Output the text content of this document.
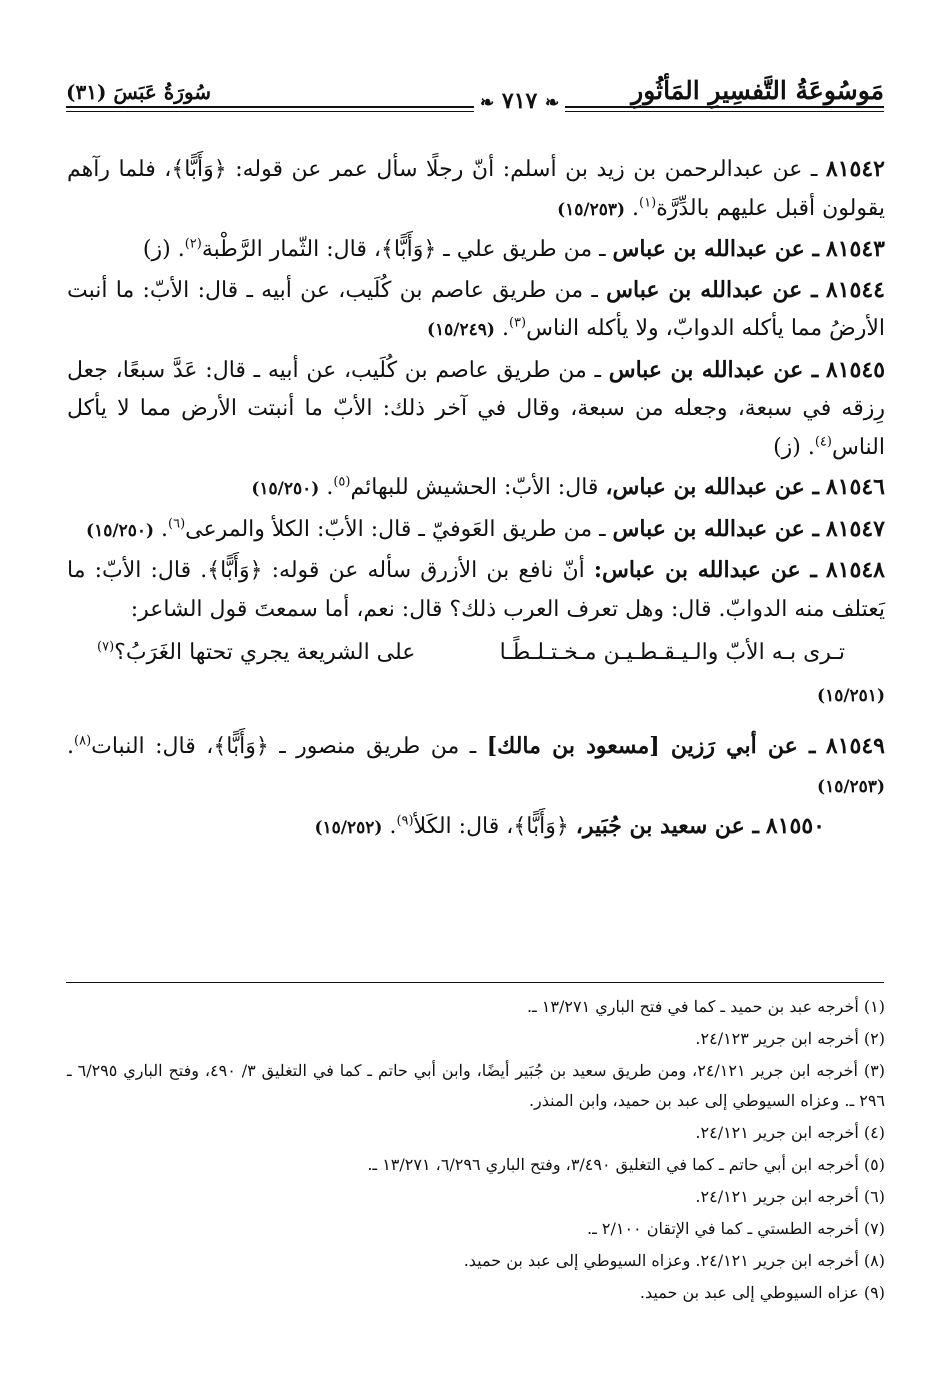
مَوسُوعَةُ التَّفسِيرِ المَأثُورِ
❧ ٧١٧ ❧
سُورَةُ عَبَسَ (٣١)

٨١٥٤٢ ـ عن عبدالرحمن بن زيد بن أسلم: أنّ رجلًا سأل عمر عن قوله: ﴿وَأَبًّا﴾، فلما رآهم يقولون أقبل عليهم بالدِّرَّة$^{(١)}$. (١٥/٢٥٣)

٨١٥٤٣ ـ عن عبدالله بن عباس ـ من طريق علي ـ ﴿وَأَبًّا﴾، قال: الثّمار الرَّطْبة$^{(٢)}$. (ز)

٨١٥٤٤ ـ عن عبدالله بن عباس ـ من طريق عاصم بن كُلَيب، عن أبيه ـ قال: الأبّ: ما أنبت الأرضُ مما يأكله الدوابّ، ولا يأكله الناس$^{(٣)}$. (١٥/٢٤٩)

٨١٥٤٥ ـ عن عبدالله بن عباس ـ من طريق عاصم بن كُلَيب، عن أبيه ـ قال: عَدَّ سبعًا، جعل رِزقه في سبعة، وجعله من سبعة، وقال في آخر ذلك: الأبّ ما أنبتت الأرض مما لا يأكل الناس$^{(٤)}$. (ز)

٨١٥٤٦ ـ عن عبدالله بن عباس، قال: الأبّ: الحشيش للبهائم$^{(٥)}$. (١٥/٢٥٠)

٨١٥٤٧ ـ عن عبدالله بن عباس ـ من طريق العَوفيّ ـ قال: الأبّ: الكلأ والمرعى$^{(٦)}$. (١٥/٢٥٠)

٨١٥٤٨ ـ عن عبدالله بن عباس: أنّ نافع بن الأزرق سأله عن قوله: ﴿وَأَبًّا﴾. قال: الأبّ: ما يَعتلف منه الدوابّ. قال: وهل تعرف العرب ذلك؟ قال: نعم، أما سمعتَ قول الشاعر:

تـرى بـه الأبّ والـيـقـطـيـن مـخـتـلـطًـا
على الشريعة يجري تحتها الغَرَبُ؟$^{(٧)}$
(١٥/٢٥١)

٨١٥٤٩ ـ عن أبي رَزين [مسعود بن مالك] ـ من طريق منصور ـ ﴿وَأَبًّا﴾، قال: النبات$^{(٨)}$. (١٥/٢٥٣)

٨١٥٥٠ ـ عن سعيد بن جُبَير، ﴿وَأَبًّا﴾، قال: الكَلأ$^{(٩)}$. (١٥/٢٥٢)

(١) أخرجه عبد بن حميد ـ كما في فتح الباري ١٣/٢٧١ ـ.

(٢) أخرجه ابن جرير ٢٤/١٢٣.

(٣) أخرجه ابن جرير ٢٤/١٢١، ومن طريق سعيد بن جُبَير أيضًا، وابن أبي حاتم ـ كما في التغليق ٣/ ٤٩٠، وفتح الباري ٦/٢٩٥ ـ ٢٩٦ ـ. وعزاه السيوطي إلى عبد بن حميد، وابن المنذر.

(٤) أخرجه ابن جرير ٢٤/١٢١.

(٥) أخرجه ابن أبي حاتم ـ كما في التغليق ٣/٤٩٠، وفتح الباري ٦/٢٩٦، ١٣/٢٧١ ـ.

(٦) أخرجه ابن جرير ٢٤/١٢١.

(٧) أخرجه الطستي ـ كما في الإتقان ٢/١٠٠ ـ.

(٨) أخرجه ابن جرير ٢٤/١٢١. وعزاه السيوطي إلى عبد بن حميد.

(٩) عزاه السيوطي إلى عبد بن حميد.
